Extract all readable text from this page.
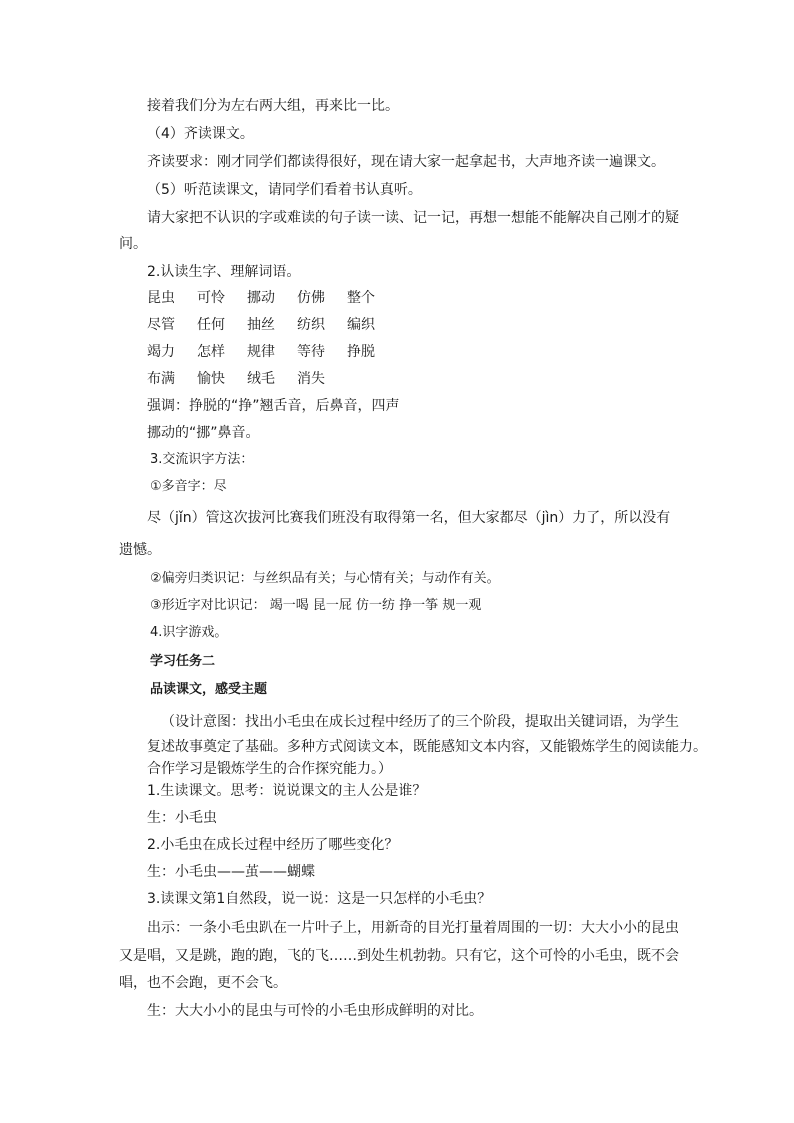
接着我们分为左右两大组，再来比一比。
（4）齐读课文。
齐读要求：刚才同学们都读得很好，现在请大家一起拿起书，大声地齐读一遍课文。
（5）听范读课文，请同学们看着书认真听。
请大家把不认识的字或难读的句子读一读、记一记，再想一想能不能解决自己刚才的疑
问。
2.认读生字、理解词语。
昆虫 可怜 挪动 仿佛 整个
尽管 任何 抽丝 纺织 编织
竭力 怎样 规律 等待 挣脱
布满 愉快 绒毛 消失
强调：挣脱的“挣”翘舌音，后鼻音，四声
挪动的“挪”鼻音。
3.交流识字方法：
①多音字：尽
尽（jǐn）管这次拔河比赛我们班没有取得第一名，但大家都尽（jìn）力了，所以没有
遗憾。
②偏旁归类识记：与丝织品有关；与心情有关；与动作有关。
③形近字对比识记： 竭一喝 昆一屁 仿一纺 挣一筝 规一观
4.识字游戏。
学习任务二
品读课文，感受主题
（设计意图：找出小毛虫在成长过程中经历了的三个阶段，提取出关键词语，为学生
复述故事奠定了基础。多种方式阅读文本，既能感知文本内容，又能锻炼学生的阅读能力。
合作学习是锻炼学生的合作探究能力。）
1.生读课文。思考：说说课文的主人公是谁？
生：小毛虫
2.小毛虫在成长过程中经历了哪些变化？
生：小毛虫——茧——蝴蝶
3.读课文第1自然段，说一说：这是一只怎样的小毛虫？
出示：一条小毛虫趴在一片叶子上，用新奇的目光打量着周围的一切：大大小小的昆虫
又是唱，又是跳，跑的跑，飞的飞……到处生机勃勃。只有它，这个可怜的小毛虫，既不会
唱，也不会跑，更不会飞。
生：大大小小的昆虫与可怜的小毛虫形成鲜明的对比。
